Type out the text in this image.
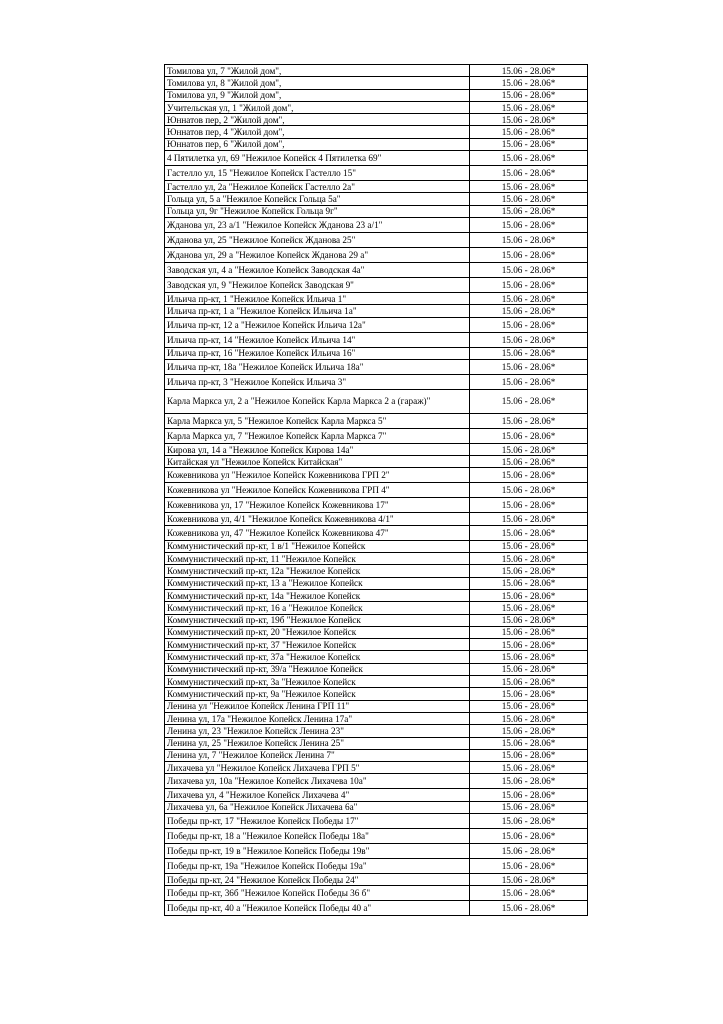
Томилова ул, 7 "Жилой дом",	15.06 - 28.06*
Томилова ул, 8 "Жилой дом",	15.06 - 28.06*
Томилова ул, 9 "Жилой дом",	15.06 - 28.06*
Учительская ул, 1 "Жилой дом",	15.06 - 28.06*
Юннатов пер, 2 "Жилой дом",	15.06 - 28.06*
Юннатов пер, 4 "Жилой дом",	15.06 - 28.06*
Юннатов пер, 6 "Жилой дом",	15.06 - 28.06*
4 Пятилетка ул, 69 "Нежилое Копейск 4 Пятилетка 69"	15.06 - 28.06*
Гастелло ул, 15 "Нежилое Копейск Гастелло 15"	15.06 - 28.06*
Гастелло ул, 2а "Нежилое Копейск Гастелло 2а"	15.06 - 28.06*
Гольца ул, 5 а "Нежилое Копейск Гольца 5а"	15.06 - 28.06*
Гольца ул, 9г "Нежилое Копейск Гольца 9г"	15.06 - 28.06*
Жданова ул, 23 а/1 "Нежилое Копейск Жданова 23 а/1"	15.06 - 28.06*
Жданова ул, 25 "Нежилое Копейск Жданова 25"	15.06 - 28.06*
Жданова ул, 29 а "Нежилое Копейск Жданова 29 а"	15.06 - 28.06*
Заводская ул, 4 а "Нежилое Копейск Заводская 4а"	15.06 - 28.06*
Заводская ул, 9 "Нежилое Копейск Заводская 9"	15.06 - 28.06*
Ильича пр-кт, 1 "Нежилое Копейск Ильича 1"	15.06 - 28.06*
Ильича пр-кт, 1 а "Нежилое Копейск Ильича 1а"	15.06 - 28.06*
Ильича пр-кт, 12 а "Нежилое Копейск Ильича 12а"	15.06 - 28.06*
Ильича пр-кт, 14 "Нежилое Копейск Ильича 14"	15.06 - 28.06*
Ильича пр-кт, 16 "Нежилое Копейск Ильича 16"	15.06 - 28.06*
Ильича пр-кт, 18а "Нежилое Копейск Ильича 18а"	15.06 - 28.06*
Ильича пр-кт, 3 "Нежилое Копейск Ильича 3"	15.06 - 28.06*
Карла Маркса ул, 2 а "Нежилое Копейск Карла Маркса 2 а (гараж)"	15.06 - 28.06*
Карла Маркса ул, 5 "Нежилое Копейск Карла Маркса 5"	15.06 - 28.06*
Карла Маркса ул, 7 "Нежилое Копейск Карла Маркса 7"	15.06 - 28.06*
Кирова ул, 14 а "Нежилое Копейск Кирова 14а"	15.06 - 28.06*
Китайская ул "Нежилое Копейск Китайская"	15.06 - 28.06*
Кожевникова ул "Нежилое Копейск Кожевникова ГРП 2"	15.06 - 28.06*
Кожевникова ул "Нежилое Копейск Кожевникова ГРП 4"	15.06 - 28.06*
Кожевникова ул, 17 "Нежилое Копейск Кожевникова 17"	15.06 - 28.06*
Кожевникова ул, 4/1 "Нежилое Копейск Кожевникова 4/1"	15.06 - 28.06*
Кожевникова ул, 47 "Нежилое Копейск Кожевникова 47"	15.06 - 28.06*
Коммунистический пр-кт, 1 в/1 "Нежилое Копейск	15.06 - 28.06*
Коммунистический пр-кт, 11 "Нежилое Копейск	15.06 - 28.06*
Коммунистический пр-кт, 12а "Нежилое Копейск	15.06 - 28.06*
Коммунистический пр-кт, 13 а "Нежилое Копейск	15.06 - 28.06*
Коммунистический пр-кт, 14а "Нежилое Копейск	15.06 - 28.06*
Коммунистический пр-кт, 16 а "Нежилое Копейск	15.06 - 28.06*
Коммунистический пр-кт, 19б "Нежилое Копейск	15.06 - 28.06*
Коммунистический пр-кт, 20 "Нежилое Копейск	15.06 - 28.06*
Коммунистический пр-кт, 37 "Нежилое Копейск	15.06 - 28.06*
Коммунистический пр-кт, 37а "Нежилое Копейск	15.06 - 28.06*
Коммунистический пр-кт, 39/а "Нежилое Копейск	15.06 - 28.06*
Коммунистический пр-кт, 3а "Нежилое Копейск	15.06 - 28.06*
Коммунистический пр-кт, 9а "Нежилое Копейск	15.06 - 28.06*
Ленина ул "Нежилое Копейск Ленина ГРП 11"	15.06 - 28.06*
Ленина ул, 17а "Нежилое Копейск Ленина 17а"	15.06 - 28.06*
Ленина ул, 23 "Нежилое Копейск Ленина 23"	15.06 - 28.06*
Ленина ул, 25 "Нежилое Копейск Ленина 25"	15.06 - 28.06*
Ленина ул, 7 "Нежилое Копейск Ленина 7"	15.06 - 28.06*
Лихачева ул "Нежилое Копейск Лихачева ГРП 5"	15.06 - 28.06*
Лихачева ул, 10а "Нежилое Копейск Лихачева 10а"	15.06 - 28.06*
Лихачева ул, 4 "Нежилое Копейск Лихачева 4"	15.06 - 28.06*
Лихачева ул, 6а "Нежилое Копейск Лихачева 6а"	15.06 - 28.06*
Победы пр-кт, 17 "Нежилое Копейск Победы 17"	15.06 - 28.06*
Победы пр-кт, 18 а "Нежилое Копейск Победы 18а"	15.06 - 28.06*
Победы пр-кт, 19 в "Нежилое Копейск Победы 19в"	15.06 - 28.06*
Победы пр-кт, 19а "Нежилое Копейск Победы 19а"	15.06 - 28.06*
Победы пр-кт, 24 "Нежилое Копейск Победы 24"	15.06 - 28.06*
Победы пр-кт, 36б "Нежилое Копейск Победы 36 б"	15.06 - 28.06*
Победы пр-кт, 40 а "Нежилое Копейск Победы 40 а"	15.06 - 28.06*
